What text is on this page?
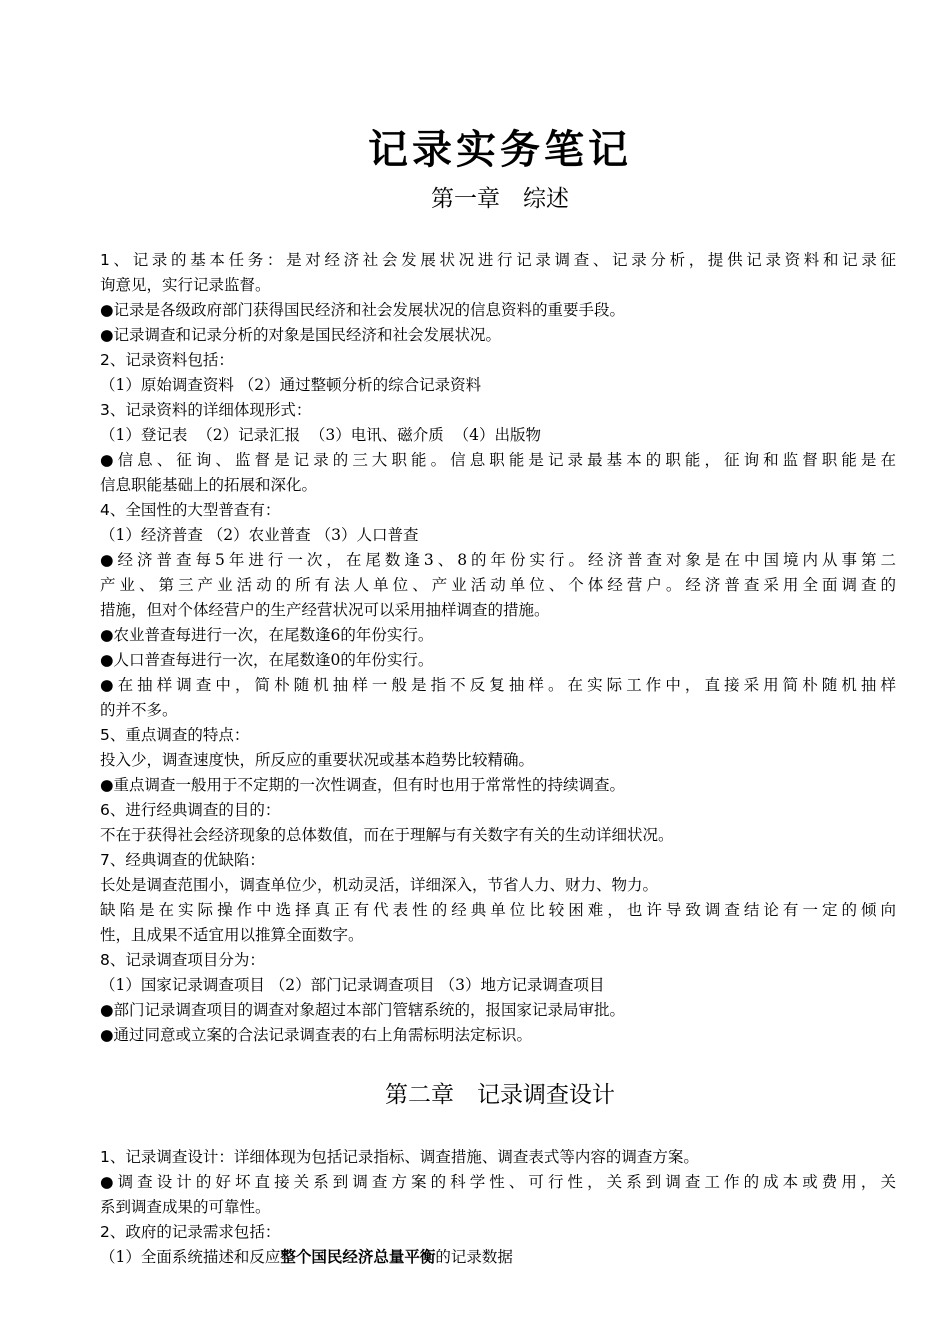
记录实务笔记
第一章　综述
1、记录的基本任务：是对经济社会发展状况进行记录调查、记录分析，提供记录资料和记录征
询意见，实行记录监督。
●记录是各级政府部门获得国民经济和社会发展状况的信息资料的重要手段。
●记录调查和记录分析的对象是国民经济和社会发展状况。
2、记录资料包括：
（1）原始调查资料 （2）通过整顿分析的综合记录资料
3、记录资料的详细体现形式：
（1）登记表  （2）记录汇报  （3）电讯、磁介质  （4）出版物
●信息、征询、监督是记录的三大职能。信息职能是记录最基本的职能，征询和监督职能是在
信息职能基础上的拓展和深化。
4、全国性的大型普查有：
（1）经济普查 （2）农业普查 （3）人口普查
●经济普查每5年进行一次，在尾数逢3、8的年份实行。经济普查对象是在中国境内从事第二
产业、第三产业活动的所有法人单位、产业活动单位、个体经营户。经济普查采用全面调查的
措施，但对个体经营户的生产经营状况可以采用抽样调查的措施。
●农业普查每进行一次，在尾数逢6的年份实行。
●人口普查每进行一次，在尾数逢0的年份实行。
●在抽样调查中，简朴随机抽样一般是指不反复抽样。在实际工作中，直接采用简朴随机抽样
的并不多。
5、重点调查的特点：
投入少，调查速度快，所反应的重要状况或基本趋势比较精确。
●重点调查一般用于不定期的一次性调查，但有时也用于常常性的持续调查。
6、进行经典调查的目的：
不在于获得社会经济现象的总体数值，而在于理解与有关数字有关的生动详细状况。
7、经典调查的优缺陷：
长处是调查范围小，调查单位少，机动灵活，详细深入，节省人力、财力、物力。
缺陷是在实际操作中选择真正有代表性的经典单位比较困难，也许导致调查结论有一定的倾向
性，且成果不适宜用以推算全面数字。
8、记录调查项目分为：
（1）国家记录调查项目 （2）部门记录调查项目 （3）地方记录调查项目
●部门记录调查项目的调查对象超过本部门管辖系统的，报国家记录局审批。
●通过同意或立案的合法记录调查表的右上角需标明法定标识。
第二章　记录调查设计
1、记录调查设计：详细体现为包括记录指标、调查措施、调查表式等内容的调查方案。
●调查设计的好坏直接关系到调查方案的科学性、可行性，关系到调查工作的成本或费用，关
系到调查成果的可靠性。
2、政府的记录需求包括：
（1）全面系统描述和反应整个国民经济总量平衡的记录数据
